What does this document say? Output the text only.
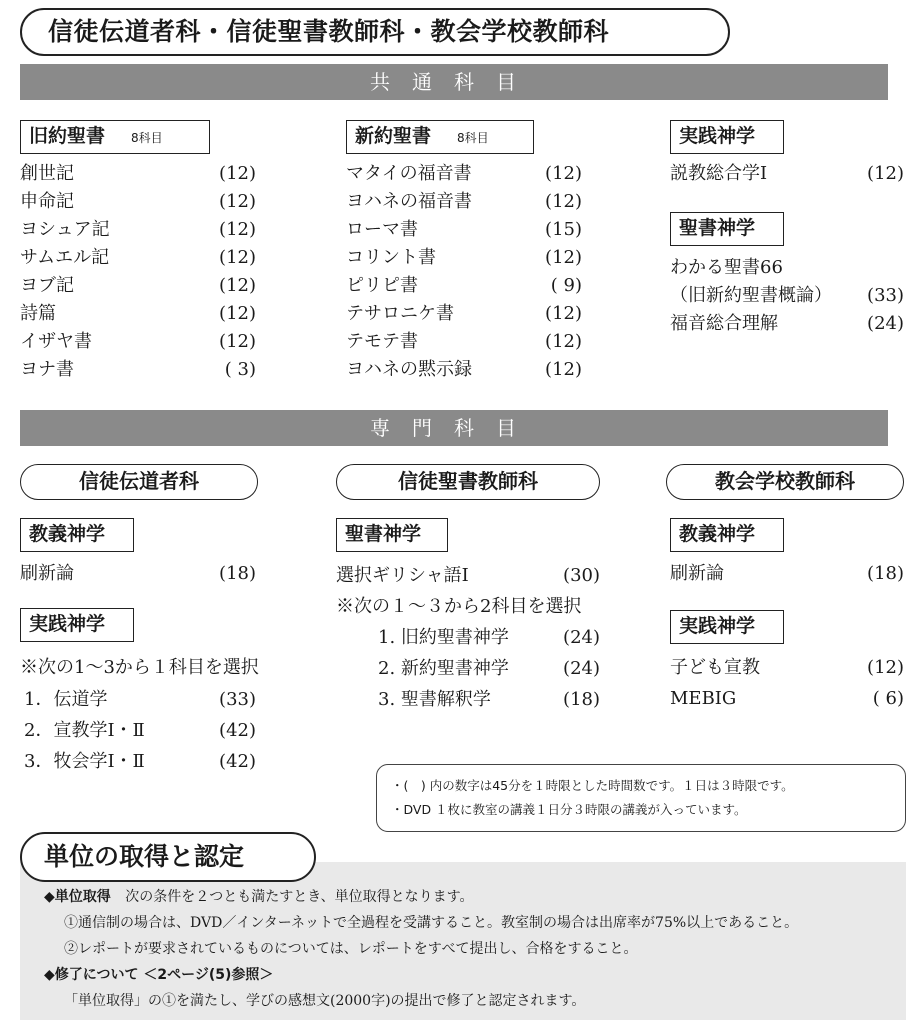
信徒伝道者科・信徒聖書教師科・教会学校教師科
共通科目
旧約聖書 8科目
創世記	(12)
申命記	(12)
ヨシュア記	(12)
サムエル記	(12)
ヨブ記	(12)
詩篇	(12)
イザヤ書	(12)
ヨナ書	( 3)
新約聖書 8科目
マタイの福音書	(12)
ヨハネの福音書	(12)
ローマ書	(15)
コリント書	(12)
ピリピ書	( 9)
テサロニケ書	(12)
テモテ書	(12)
ヨハネの黙示録	(12)
実践神学
説教総合学Ⅰ	(12)
聖書神学
わかる聖書66
（旧新約聖書概論） (33)
福音総合理解	(24)
専門科目
信徒伝道者科
教義神学
刷新論	(18)
実践神学
※次の1〜3から１科目を選択
1．伝道学	(33)
2．宣教学Ⅰ・Ⅱ	(42)
3．牧会学Ⅰ・Ⅱ	(42)
信徒聖書教師科
聖書神学
選択ギリシャ語Ⅰ	(30)
※次の１〜３から2科目を選択
1. 旧約聖書神学	(24)
2. 新約聖書神学	(24)
3. 聖書解釈学	(18)
教会学校教師科
教義神学
刷新論	(18)
実践神学
子ども宣教	(12)
MEBIG	( 6)
・(　) 内の数字は45分を１時限とした時間数です。１日は３時限です。
・DVD １枚に教室の講義１日分３時限の講義が入っています。
単位の取得と認定
◆単位取得 次の条件を２つとも満たすとき、単位取得となります。
①通信制の場合は、DVD／インターネットで全過程を受講すること。教室制の場合は出席率が75%以上であること。
②レポートが要求されているものについては、レポートをすべて提出し、合格をすること。
◆修了について ＜2ページ(5)参照＞
「単位取得」の①を満たし、学びの感想文(2000字)の提出で修了と認定されます。
